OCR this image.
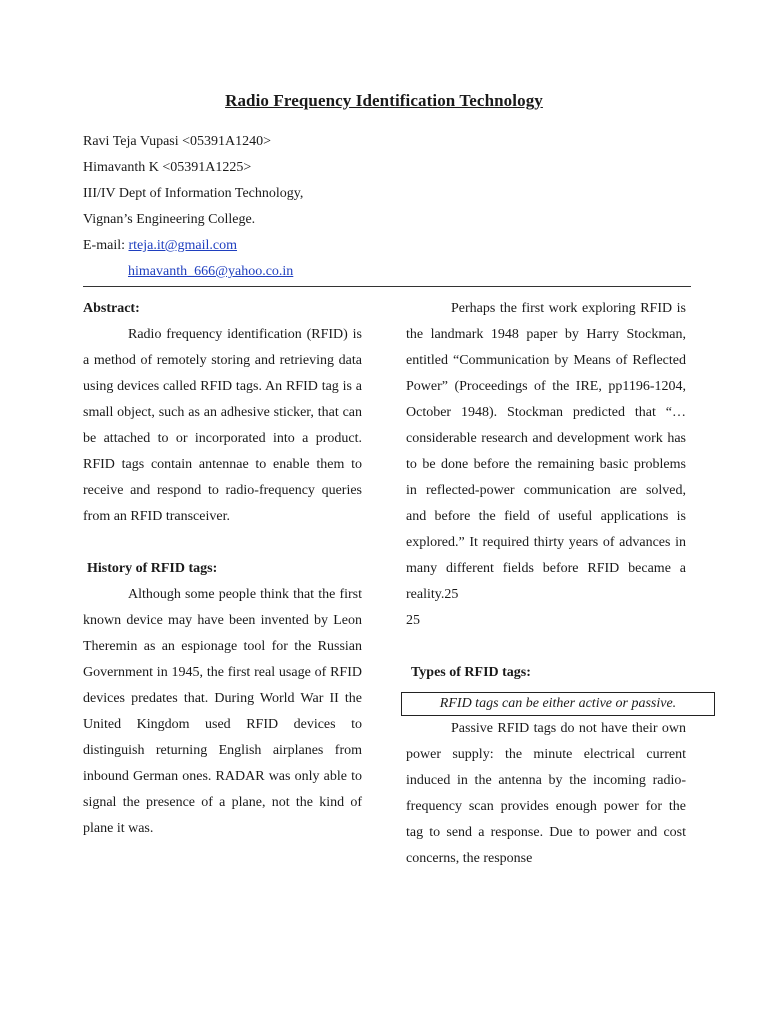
Radio Frequency Identification Technology
Ravi Teja Vupasi <05391A1240>
Himavanth K <05391A1225>
III/IV Dept of Information Technology,
Vignan’s Engineering College.
E-mail: rteja.it@gmail.com
himavanth_666@yahoo.co.in
Abstract:

Radio frequency identification (RFID) is a method of remotely storing and retrieving data using devices called RFID tags. An RFID tag is a small object, such as an adhesive sticker, that can be attached to or incorporated into a product. RFID tags contain antennae to enable them to receive and respond to radio-frequency queries from an RFID transceiver.

History of RFID tags:

Although some people think that the first known device may have been invented by Leon Theremin as an espionage tool for the Russian Government in 1945, the first real usage of RFID devices predates that. During World War II the United Kingdom used RFID devices to distinguish returning English airplanes from inbound German ones. RADAR was only able to signal the presence of a plane, not the kind of plane it was.

Perhaps the first work exploring RFID is the landmark 1948 paper by Harry Stockman, entitled “Communication by Means of Reflected Power” (Proceedings of the IRE, pp1196-1204, October 1948). Stockman predicted that “…considerable research and development work has to be done before the remaining basic problems in reflected-power communication are solved, and before the field of useful applications is explored.” It required thirty years of advances in many different fields before RFID became a reality.25

25
Types of RFID tags:
RFID tags can be either active or passive.

Passive RFID tags do not have their own power supply: the minute electrical current induced in the antenna by the incoming radio-frequency scan provides enough power for the tag to send a response. Due to power and cost concerns, the response
